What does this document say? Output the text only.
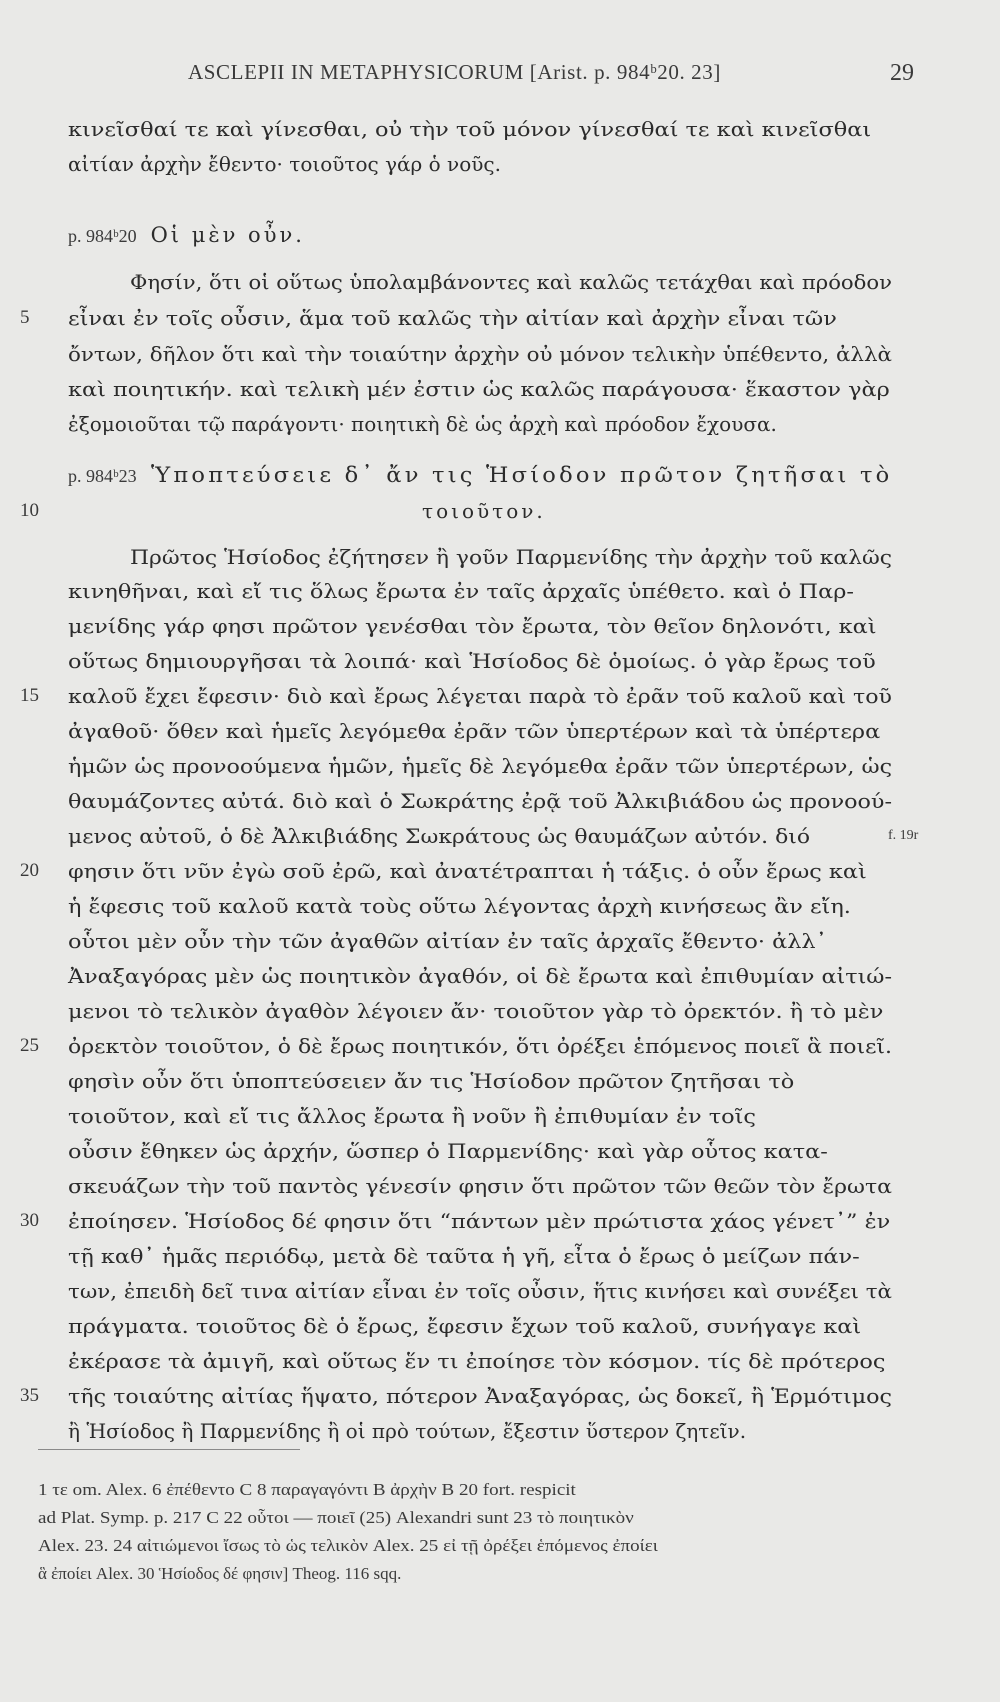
ASCLEPII IN METAPHYSICORUM [Arist. p. 984ᵇ20. 23]	29
κινεῖσθαί τε καὶ γίνεσθαι, οὐ τὴν τοῦ μόνον γίνεσθαί τε καὶ κινεῖσθαι
αἰτίαν ἀρχὴν ἔθεντο· τοιοῦτος γάρ ὁ νοῦς.
p. 984ᵇ20 Οἱ μὲν οὖν.
Φησίν, ὅτι οἱ οὕτως ὑπολαμβάνοντες καὶ καλῶς τετάχθαι καὶ πρόοδον
5	εἶναι ἐν τοῖς οὖσιν, ἅμα τοῦ καλῶς τὴν αἰτίαν καὶ ἀρχὴν εἶναι τῶν
ὄντων, δῆλον ὅτι καὶ τὴν τοιαύτην ἀρχὴν οὐ μόνον τελικὴν ὑπέθεντο, ἀλλὰ
καὶ ποιητικήν. καὶ τελικὴ μέν ἐστιν ὡς καλῶς παράγουσα· ἕκαστον γὰρ
ἐξομοιοῦται τῷ παράγοντι· ποιητικὴ δὲ ὡς ἀρχὴ καὶ πρόοδον ἔχουσα.
p. 984ᵇ23 Ὑποπτεύσειε δ᾽ ἄν τις Ἡσίοδον πρῶτον ζητῆσαι τὸ
10	τοιοῦτον.
Πρῶτος Ἡσίοδος ἐζήτησεν ἢ γοῦν Παρμενίδης τὴν ἀρχὴν τοῦ καλῶς
κινηθῆναι, καὶ εἴ τις ὅλως ἔρωτα ἐν ταῖς ἀρχαῖς ὑπέθετο. καὶ ὁ Παρ-
μενίδης γάρ φησι πρῶτον γενέσθαι τὸν ἔρωτα, τὸν θεῖον δηλονότι, καὶ
οὕτως δημιουργῆσαι τὰ λοιπά· καὶ Ἡσίοδος δὲ ὁμοίως. ὁ γὰρ ἔρως τοῦ
15	καλοῦ ἔχει ἔφεσιν· διὸ καὶ ἔρως λέγεται παρὰ τὸ ἐρᾶν τοῦ καλοῦ καὶ τοῦ
ἀγαθοῦ· ὅθεν καὶ ἡμεῖς λεγόμεθα ἐρᾶν τῶν ὑπερτέρων καὶ τὰ ὑπέρτερα
ἡμῶν ὡς προνοούμενα ἡμῶν, ἡμεῖς δὲ λεγόμεθα ἐρᾶν τῶν ὑπερτέρων, ὡς
θαυμάζοντες αὐτά. διὸ καὶ ὁ Σωκράτης ἐρᾷ τοῦ Ἀλκιβιάδου ὡς προνοού-
μενος αὐτοῦ, ὁ δὲ Ἀλκιβιάδης Σωκράτους ὡς θαυμάζων αὐτόν. διό	f. 19r
20	φησιν ὅτι νῦν ἐγὼ σοῦ ἐρῶ, καὶ ἀνατέτραπται ἡ τάξις. ὁ οὖν ἔρως καὶ
ἡ ἔφεσις τοῦ καλοῦ κατὰ τοὺς οὕτω λέγοντας ἀρχὴ κινήσεως ἂν εἴη.
οὗτοι μὲν οὖν τὴν τῶν ἀγαθῶν αἰτίαν ἐν ταῖς ἀρχαῖς ἔθεντο· ἀλλ᾽
Ἀναξαγόρας μὲν ὡς ποιητικὸν ἀγαθόν, οἱ δὲ ἔρωτα καὶ ἐπιθυμίαν αἰτιώ-
μενοι τὸ τελικὸν ἀγαθὸν λέγοιεν ἄν· τοιοῦτον γὰρ τὸ ὀρεκτόν. ἢ τὸ μὲν
25	ὀρεκτὸν τοιοῦτον, ὁ δὲ ἔρως ποιητικόν, ὅτι ὀρέξει ἑπόμενος ποιεῖ ἃ ποιεῖ.
φησὶν οὖν ὅτι ὑποπτεύσειεν ἄν τις Ἡσίοδον πρῶτον ζητῆσαι τὸ
τοιοῦτον, καὶ εἴ τις ἄλλος ἔρωτα ἢ νοῦν ἢ ἐπιθυμίαν ἐν τοῖς
οὖσιν ἔθηκεν ὡς ἀρχήν, ὥσπερ ὁ Παρμενίδης· καὶ γὰρ οὗτος κατα-
σκευάζων τὴν τοῦ παντὸς γένεσίν φησιν ὅτι πρῶτον τῶν θεῶν τὸν ἔρωτα
30	ἐποίησεν. Ἡσίοδος δέ φησιν ὅτι “πάντων μὲν πρώτιστα χάος γένετ᾽” ἐν
τῇ καθ᾽ ἡμᾶς περιόδῳ, μετὰ δὲ ταῦτα ἡ γῆ, εἶτα ὁ ἔρως ὁ μείζων πάν-
των, ἐπειδὴ δεῖ τινα αἰτίαν εἶναι ἐν τοῖς οὖσιν, ἥτις κινήσει καὶ συνέξει τὰ
πράγματα. τοιοῦτος δὲ ὁ ἔρως, ἔφεσιν ἔχων τοῦ καλοῦ, συνήγαγε καὶ
ἐκέρασε τὰ ἀμιγῆ, καὶ οὕτως ἕν τι ἐποίησε τὸν κόσμον. τίς δὲ πρότερος
35	τῆς τοιαύτης αἰτίας ἥψατο, πότερον Ἀναξαγόρας, ὡς δοκεῖ, ἢ Ἑρμότιμος
ἢ Ἡσίοδος ἢ Παρμενίδης ἢ οἱ πρὸ τούτων, ἔξεστιν ὕστερον ζητεῖν.
1 τε om. Alex. 6 ἐπέθεντο C 8 παραγαγόντι B ἀρχὴν B 20 fort. respicit
ad Plat. Symp. p. 217 C 22 οὗτοι — ποιεῖ (25) Alexandri sunt 23 τὸ ποιητικὸν
Alex. 23. 24 αἰτιώμενοι ἴσως τὸ ὡς τελικὸν Alex. 25 εἰ τῇ ὀρέξει ἑπόμενος ἐποίει
ἃ ἐποίει Alex. 30 Ἡσίοδος δέ φησιν] Theog. 116 sqq.
